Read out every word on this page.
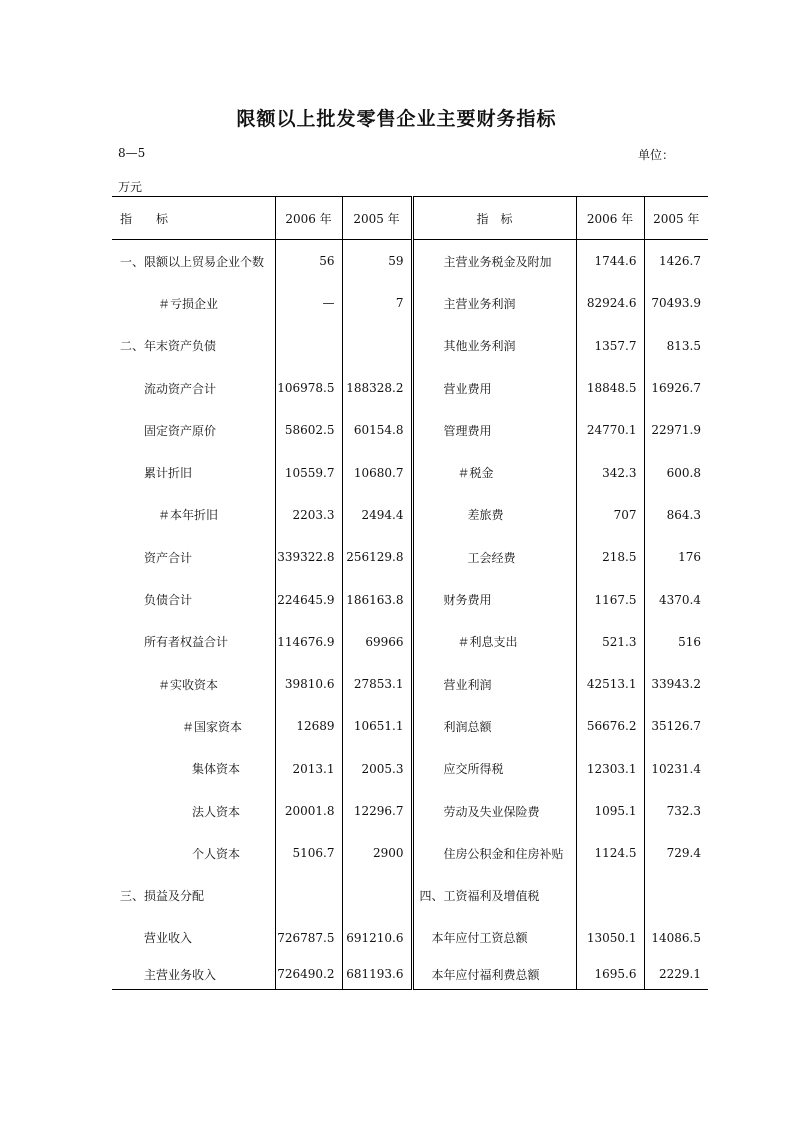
限额以上批发零售企业主要财务指标
8—5	单位：
万元
指　标	2006 年	2005 年	指　标	2006 年	2005 年
一、限额以上贸易企业个数	56	59	主营业务税金及附加	1744.6	1426.7
＃亏损企业	—	7	主营业务利润	82924.6	70493.9
二、年末资产负债			其他业务利润	1357.7	813.5
流动资产合计	106978.5	188328.2	营业费用	18848.5	16926.7
固定资产原价	58602.5	60154.8	管理费用	24770.1	22971.9
累计折旧	10559.7	10680.7	＃税金	342.3	600.8
＃本年折旧	2203.3	2494.4	差旅费	707	864.3
资产合计	339322.8	256129.8	工会经费	218.5	176
负债合计	224645.9	186163.8	财务费用	1167.5	4370.4
所有者权益合计	114676.9	69966	＃利息支出	521.3	516
＃实收资本	39810.6	27853.1	营业利润	42513.1	33943.2
＃国家资本	12689	10651.1	利润总额	56676.2	35126.7
集体资本	2013.1	2005.3	应交所得税	12303.1	10231.4
法人资本	20001.8	12296.7	劳动及失业保险费	1095.1	732.3
个人资本	5106.7	2900	住房公积金和住房补贴	1124.5	729.4
三、损益及分配			四、工资福利及增值税		
营业收入	726787.5	691210.6	本年应付工资总额	13050.1	14086.5
主营业务收入	726490.2	681193.6	本年应付福利费总额	1695.6	2229.1
